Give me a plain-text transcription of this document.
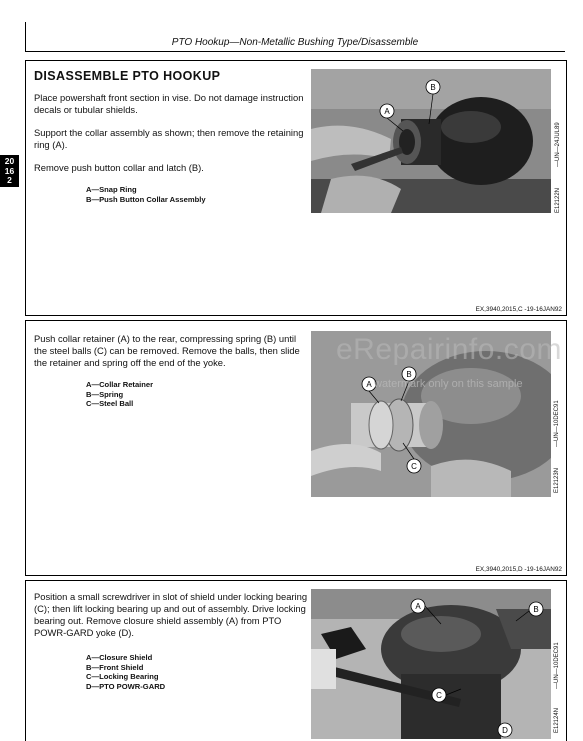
PTO Hookup—Non-Metallic Bushing Type/Disassemble
20
16
2
DISASSEMBLE PTO HOOKUP

Place powershaft front section in vise. Do not damage instruction decals or tubular shields.

Support the collar assembly as shown; then remove the retaining ring (A).

Remove push button collar and latch (B).

A—Snap Ring
B—Push Button Collar Assembly
A
B
E12122N
—UN—24JUL89
EX,3940,2015,C -19-16JAN92

Push collar retainer (A) to the rear, compressing spring (B) until the steel balls (C) can be removed. Remove the balls, then slide the retainer and spring off the end of the yoke.

A—Collar Retainer
B—Spring
C—Steel Ball
A
B
C
E12123N
—UN—10DEC91
EX,3940,2015,D -19-16JAN92

Position a small screwdriver in slot of shield under locking bearing (C); then lift locking bearing up and out of assembly. Drive locking bearing out. Remove closure shield assembly (A) from PTO POWR-GARD yoke (D).

A—Closure Shield
B—Front Shield
C—Locking Bearing
D—PTO POWR-GARD
A	B
C
D	E12124N
—UN—10DEC91
eRepairinfo.com
watermark only on this sample
